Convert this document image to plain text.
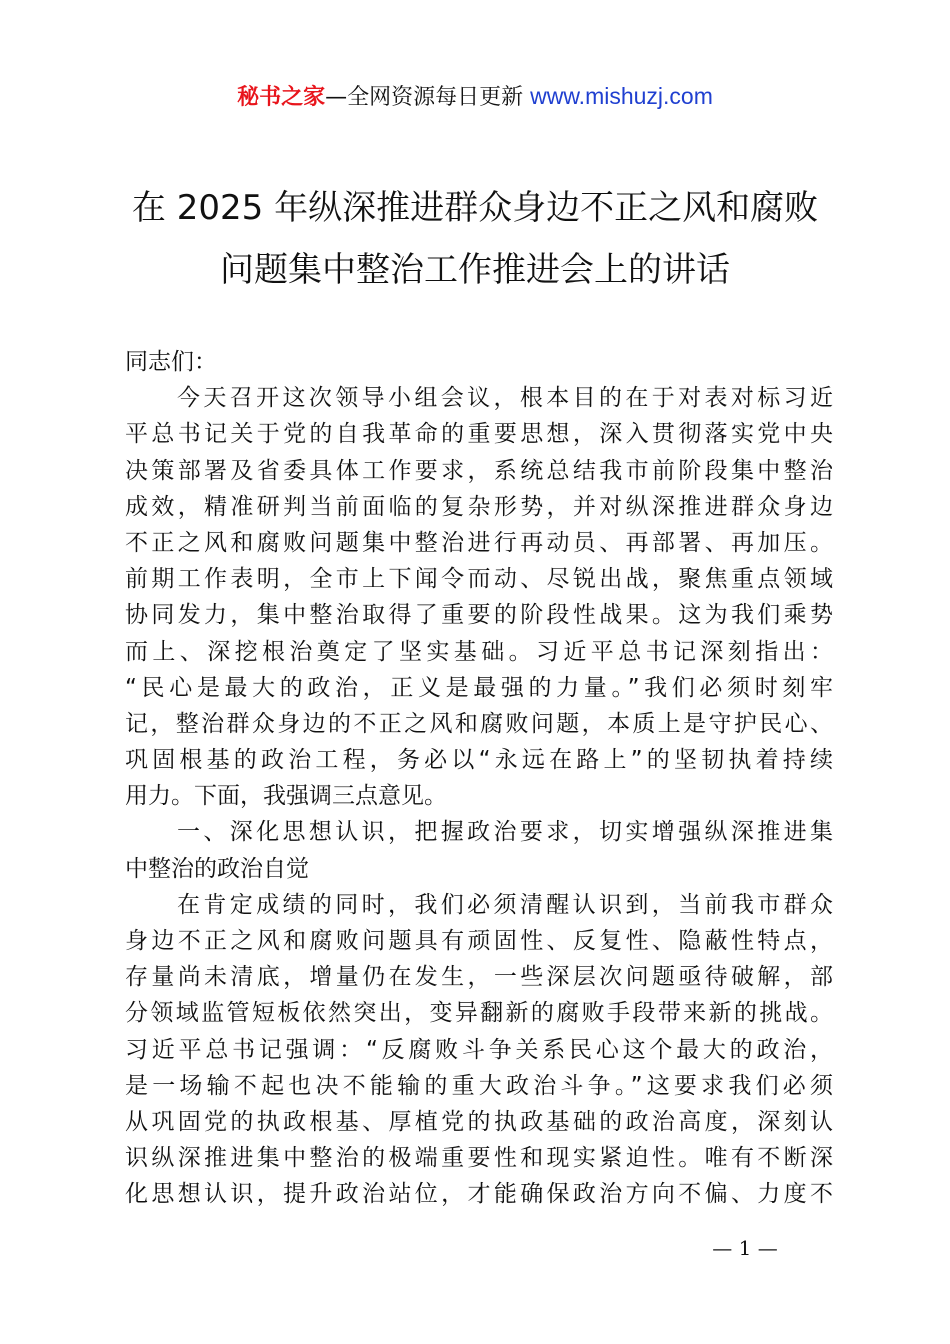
秘书之家—全网资源每日更新 www.mishuzj.com
在 2025 年纵深推进群众身边不正之风和腐败
问题集中整治工作推进会上的讲话
同志们：
今天召开这次领导小组会议，根本目的在于对表对标习近
平总书记关于党的自我革命的重要思想，深入贯彻落实党中央
决策部署及省委具体工作要求，系统总结我市前阶段集中整治
成效，精准研判当前面临的复杂形势，并对纵深推进群众身边
不正之风和腐败问题集中整治进行再动员、再部署、再加压。
前期工作表明，全市上下闻令而动、尽锐出战，聚焦重点领域
协同发力，集中整治取得了重要的阶段性战果。这为我们乘势
而上、深挖根治奠定了坚实基础。习近平总书记深刻指出：
“民心是最大的政治，正义是最强的力量。”我们必须时刻牢
记，整治群众身边的不正之风和腐败问题，本质上是守护民心、
巩固根基的政治工程，务必以“永远在路上”的坚韧执着持续
用力。下面，我强调三点意见。
一、深化思想认识，把握政治要求，切实增强纵深推进集
中整治的政治自觉
在肯定成绩的同时，我们必须清醒认识到，当前我市群众
身边不正之风和腐败问题具有顽固性、反复性、隐蔽性特点，
存量尚未清底，增量仍在发生，一些深层次问题亟待破解，部
分领域监管短板依然突出，变异翻新的腐败手段带来新的挑战。
习近平总书记强调：“反腐败斗争关系民心这个最大的政治，
是一场输不起也决不能输的重大政治斗争。”这要求我们必须
从巩固党的执政根基、厚植党的执政基础的政治高度，深刻认
识纵深推进集中整治的极端重要性和现实紧迫性。唯有不断深
化思想认识，提升政治站位，才能确保政治方向不偏、力度不
— 1 —
